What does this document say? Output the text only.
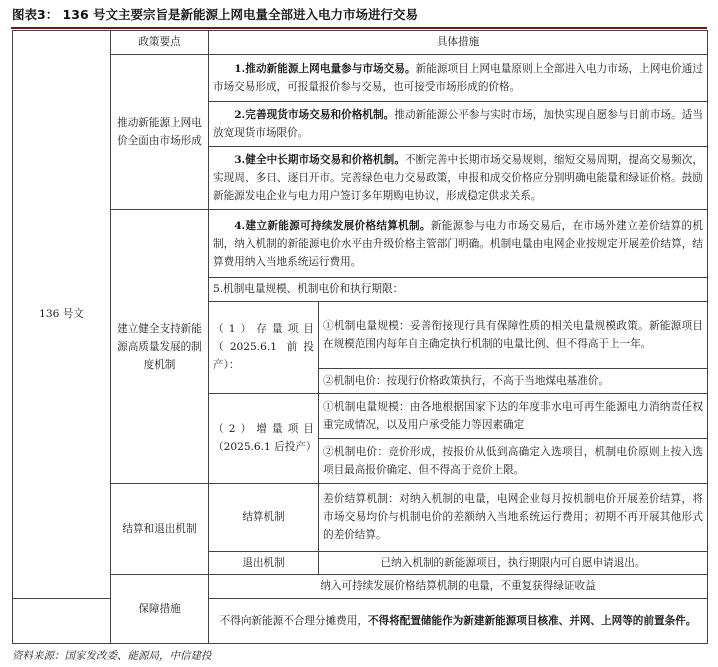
图表3： 136 号文主要宗旨是新能源上网电量全部进入电力市场进行交易
136 号文	政策要点	具体措施	
	推动新能源上网电价全面由市场形成	1.推动新能源上网电量参与市场交易。新能源项目上网电量原则上全部进入电力市场，上网电价通过市场交易形成，可报量报价参与交易，也可接受市场形成的价格。	
		2.完善现货市场交易和价格机制。推动新能源公平参与实时市场，加快实现自愿参与日前市场。适当放宽现货市场限价。	
		3.健全中长期市场交易和价格机制。不断完善中长期市场交易规则，缩短交易周期，提高交易频次，实现周、多日、逐日开市。完善绿色电力交易政策，申报和成交价格应分别明确电能量和绿证价格。鼓励新能源发电企业与电力用户签订多年期购电协议，形成稳定供求关系。	
	建立健全支持新能源高质量发展的制度机制	4.建立新能源可持续发展价格结算机制。新能源参与电力市场交易后，在市场外建立差价结算的机制，纳入机制的新能源电价水平由升级价格主管部门明确。机制电量由电网企业按规定开展差价结算，结算费用纳入当地系统运行费用。	
		5.机制电量规模、机制电价和执行期限：	
		（1）存量项目（2025.6.1 前投产）：	①机制电量规模：妥善衔接现行具有保障性质的相关电量规模政策。新能源项目在规模范围内每年自主确定执行机制的电量比例、但不得高于上一年。
			②机制电价：按现行价格政策执行，不高于当地煤电基准价。
		（2）增量项目（2025.6.1 后投产）	①机制电量规模：由各地根据国家下达的年度非水电可再生能源电力消纳责任权重完成情况，以及用户承受能力等因素确定
			②机制电价：竞价形成，按报价从低到高确定入选项目，机制电价原则上按入选项目最高报价确定、但不得高于竞价上限。
	结算和退出机制	结算机制	差价结算机制：对纳入机制的电量，电网企业每月按机制电价开展差价结算，将市场交易均价与机制电价的差额纳入当地系统运行费用；初期不再开展其他形式的差价结算。
		退出机制	已纳入机制的新能源项目，执行期限内可自愿申请退出。
	保障措施	纳入可持续发展价格结算机制的电量，不重复获得绿证收益	
		不得向新能源不合理分摊费用，不得将配置储能作为新建新能源项目核准、并网、上网等的前置条件。	
资料来源：国家发改委、能源局，中信建投
